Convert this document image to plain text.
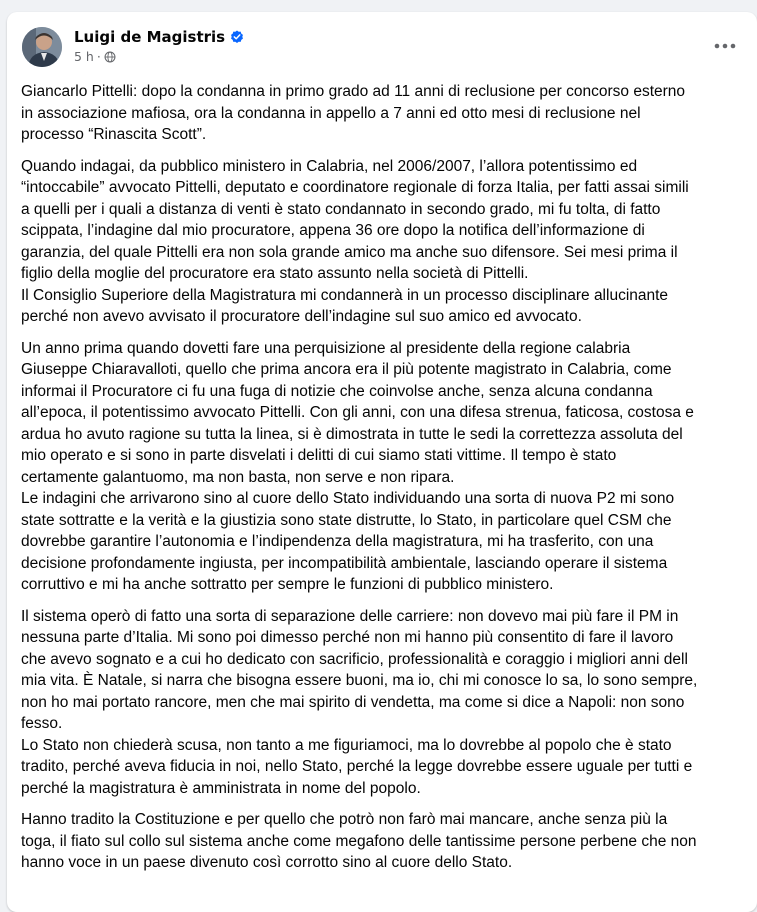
Luigi de Magistris
5 h ·
Giancarlo Pittelli: dopo la condanna in primo grado ad 11 anni di reclusione per concorso esterno
in associazione mafiosa, ora la condanna in appello a 7 anni ed otto mesi di reclusione nel
processo “Rinascita Scott”.
Quando indagai, da pubblico ministero in Calabria, nel 2006/2007, l’allora potentissimo ed
“intoccabile” avvocato Pittelli, deputato e coordinatore regionale di forza Italia, per fatti assai simili
a quelli per i quali a distanza di venti è stato condannato in secondo grado, mi fu tolta, di fatto
scippata, l’indagine dal mio procuratore, appena 36 ore dopo la notifica dell’informazione di
garanzia, del quale Pittelli era non sola grande amico ma anche suo difensore. Sei mesi prima il
figlio della moglie del procuratore era stato assunto nella società di Pittelli.
Il Consiglio Superiore della Magistratura mi condannerà in un processo disciplinare allucinante
perché non avevo avvisato il procuratore dell’indagine sul suo amico ed avvocato.
Un anno prima quando dovetti fare una perquisizione al presidente della regione calabria
Giuseppe Chiaravalloti, quello che prima ancora era il più potente magistrato in Calabria, come
informai il Procuratore ci fu una fuga di notizie che coinvolse anche, senza alcuna condanna
all’epoca, il potentissimo avvocato Pittelli. Con gli anni, con una difesa strenua, faticosa, costosa e
ardua ho avuto ragione su tutta la linea, si è dimostrata in tutte le sedi la correttezza assoluta del
mio operato e si sono in parte disvelati i delitti di cui siamo stati vittime. Il tempo è stato
certamente galantuomo, ma non basta, non serve e non ripara.
Le indagini che arrivarono sino al cuore dello Stato individuando una sorta di nuova P2 mi sono
state sottratte e la verità e la giustizia sono state distrutte, lo Stato, in particolare quel CSM che
dovrebbe garantire l’autonomia e l’indipendenza della magistratura, mi ha trasferito, con una
decisione profondamente ingiusta, per incompatibilità ambientale, lasciando operare il sistema
corruttivo e mi ha anche sottratto per sempre le funzioni di pubblico ministero.
Il sistema operò di fatto una sorta di separazione delle carriere: non dovevo mai più fare il PM in
nessuna parte d’Italia. Mi sono poi dimesso perché non mi hanno più consentito di fare il lavoro
che avevo sognato e a cui ho dedicato con sacrificio, professionalità e coraggio i migliori anni dell
mia vita. È Natale, si narra che bisogna essere buoni, ma io, chi mi conosce lo sa, lo sono sempre,
non ho mai portato rancore, men che mai spirito di vendetta, ma come si dice a Napoli: non sono
fesso.
Lo Stato non chiederà scusa, non tanto a me figuriamoci, ma lo dovrebbe al popolo che è stato
tradito, perché aveva fiducia in noi, nello Stato, perché la legge dovrebbe essere uguale per tutti e
perché la magistratura è amministrata in nome del popolo.
Hanno tradito la Costituzione e per quello che potrò non farò mai mancare, anche senza più la
toga, il fiato sul collo sul sistema anche come megafono delle tantissime persone perbene che non
hanno voce in un paese divenuto così corrotto sino al cuore dello Stato.
